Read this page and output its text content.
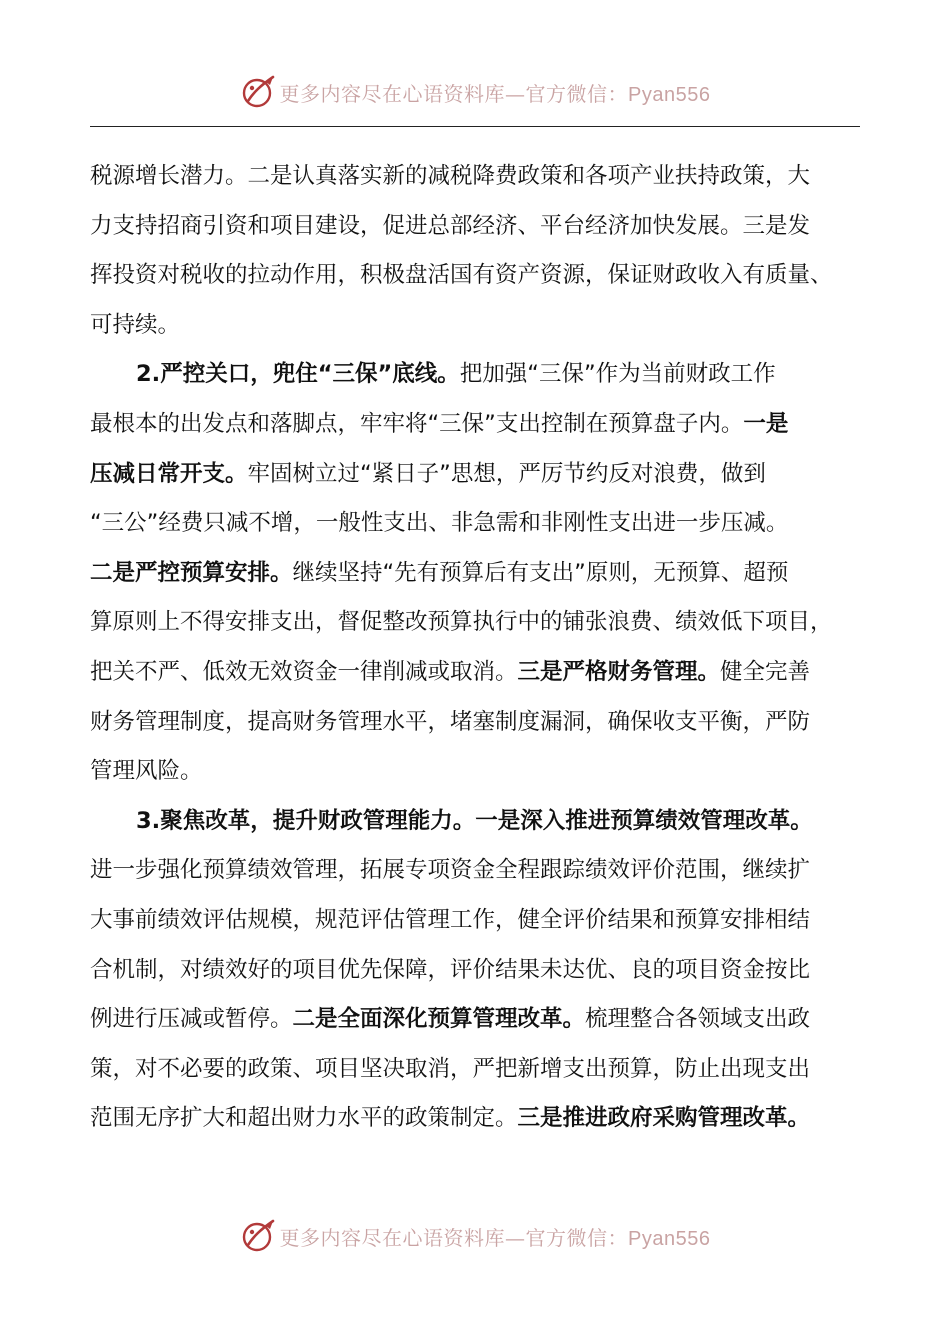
更多内容尽在心语资料库—官方微信：Pyan556
税源增长潜力。二是认真落实新的减税降费政策和各项产业扶持政策，大
力支持招商引资和项目建设，促进总部经济、平台经济加快发展。三是发
挥投资对税收的拉动作用，积极盘活国有资产资源，保证财政收入有质量、
可持续。
2.严控关口，兜住“三保”底线。把加强“三保”作为当前财政工作
最根本的出发点和落脚点，牢牢将“三保”支出控制在预算盘子内。一是
压减日常开支。牢固树立过“紧日子”思想，严厉节约反对浪费，做到
“三公”经费只减不增，一般性支出、非急需和非刚性支出进一步压减。
二是严控预算安排。继续坚持“先有预算后有支出”原则，无预算、超预
算原则上不得安排支出，督促整改预算执行中的铺张浪费、绩效低下项目，
把关不严、低效无效资金一律削减或取消。三是严格财务管理。健全完善
财务管理制度，提高财务管理水平，堵塞制度漏洞，确保收支平衡，严防
管理风险。
3.聚焦改革，提升财政管理能力。一是深入推进预算绩效管理改革。
进一步强化预算绩效管理，拓展专项资金全程跟踪绩效评价范围，继续扩
大事前绩效评估规模，规范评估管理工作，健全评价结果和预算安排相结
合机制，对绩效好的项目优先保障，评价结果未达优、良的项目资金按比
例进行压减或暂停。二是全面深化预算管理改革。梳理整合各领域支出政
策，对不必要的政策、项目坚决取消，严把新增支出预算，防止出现支出
范围无序扩大和超出财力水平的政策制定。三是推进政府采购管理改革。
更多内容尽在心语资料库—官方微信：Pyan556
